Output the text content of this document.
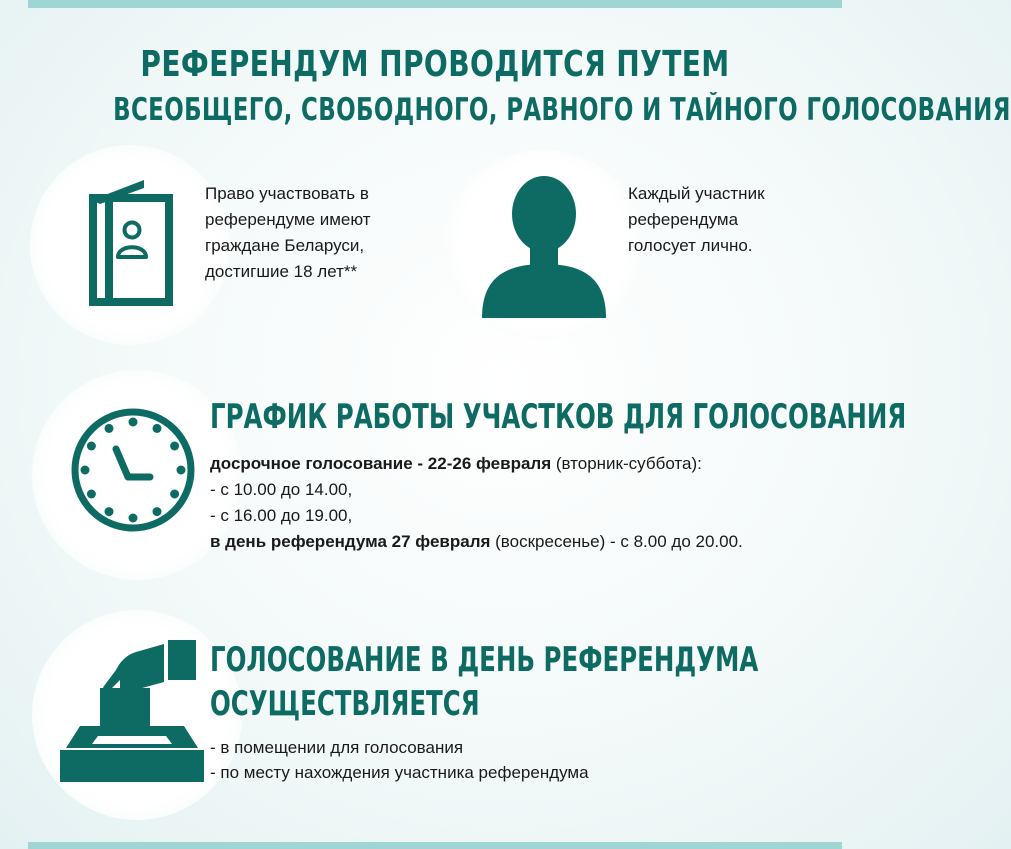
РЕФЕРЕНДУМ ПРОВОДИТСЯ ПУТЕМ
ВСЕОБЩЕГО, СВОБОДНОГО, РАВНОГО И ТАЙНОГО ГОЛОСОВАНИЯ

Право участвовать в

референдуме имеют

граждане Беларуси,

достигшие 18 лет**

Каждый участник

референдума

голосует лично.

ГРАФИК РАБОТЫ УЧАСТКОВ ДЛЯ ГОЛОСОВАНИЯ
досрочное голосование - 22-26 февраля (вторник-суббота):
- с 10.00 до 14.00,
- с 16.00 до 19.00,
в день референдума 27 февраля (воскресенье) - с 8.00 до 20.00.
ГОЛОСОВАНИЕ В ДЕНЬ РЕФЕРЕНДУМА
ОСУЩЕСТВЛЯЕТСЯ
- в помещении для голосования
- по месту нахождения участника референдума
